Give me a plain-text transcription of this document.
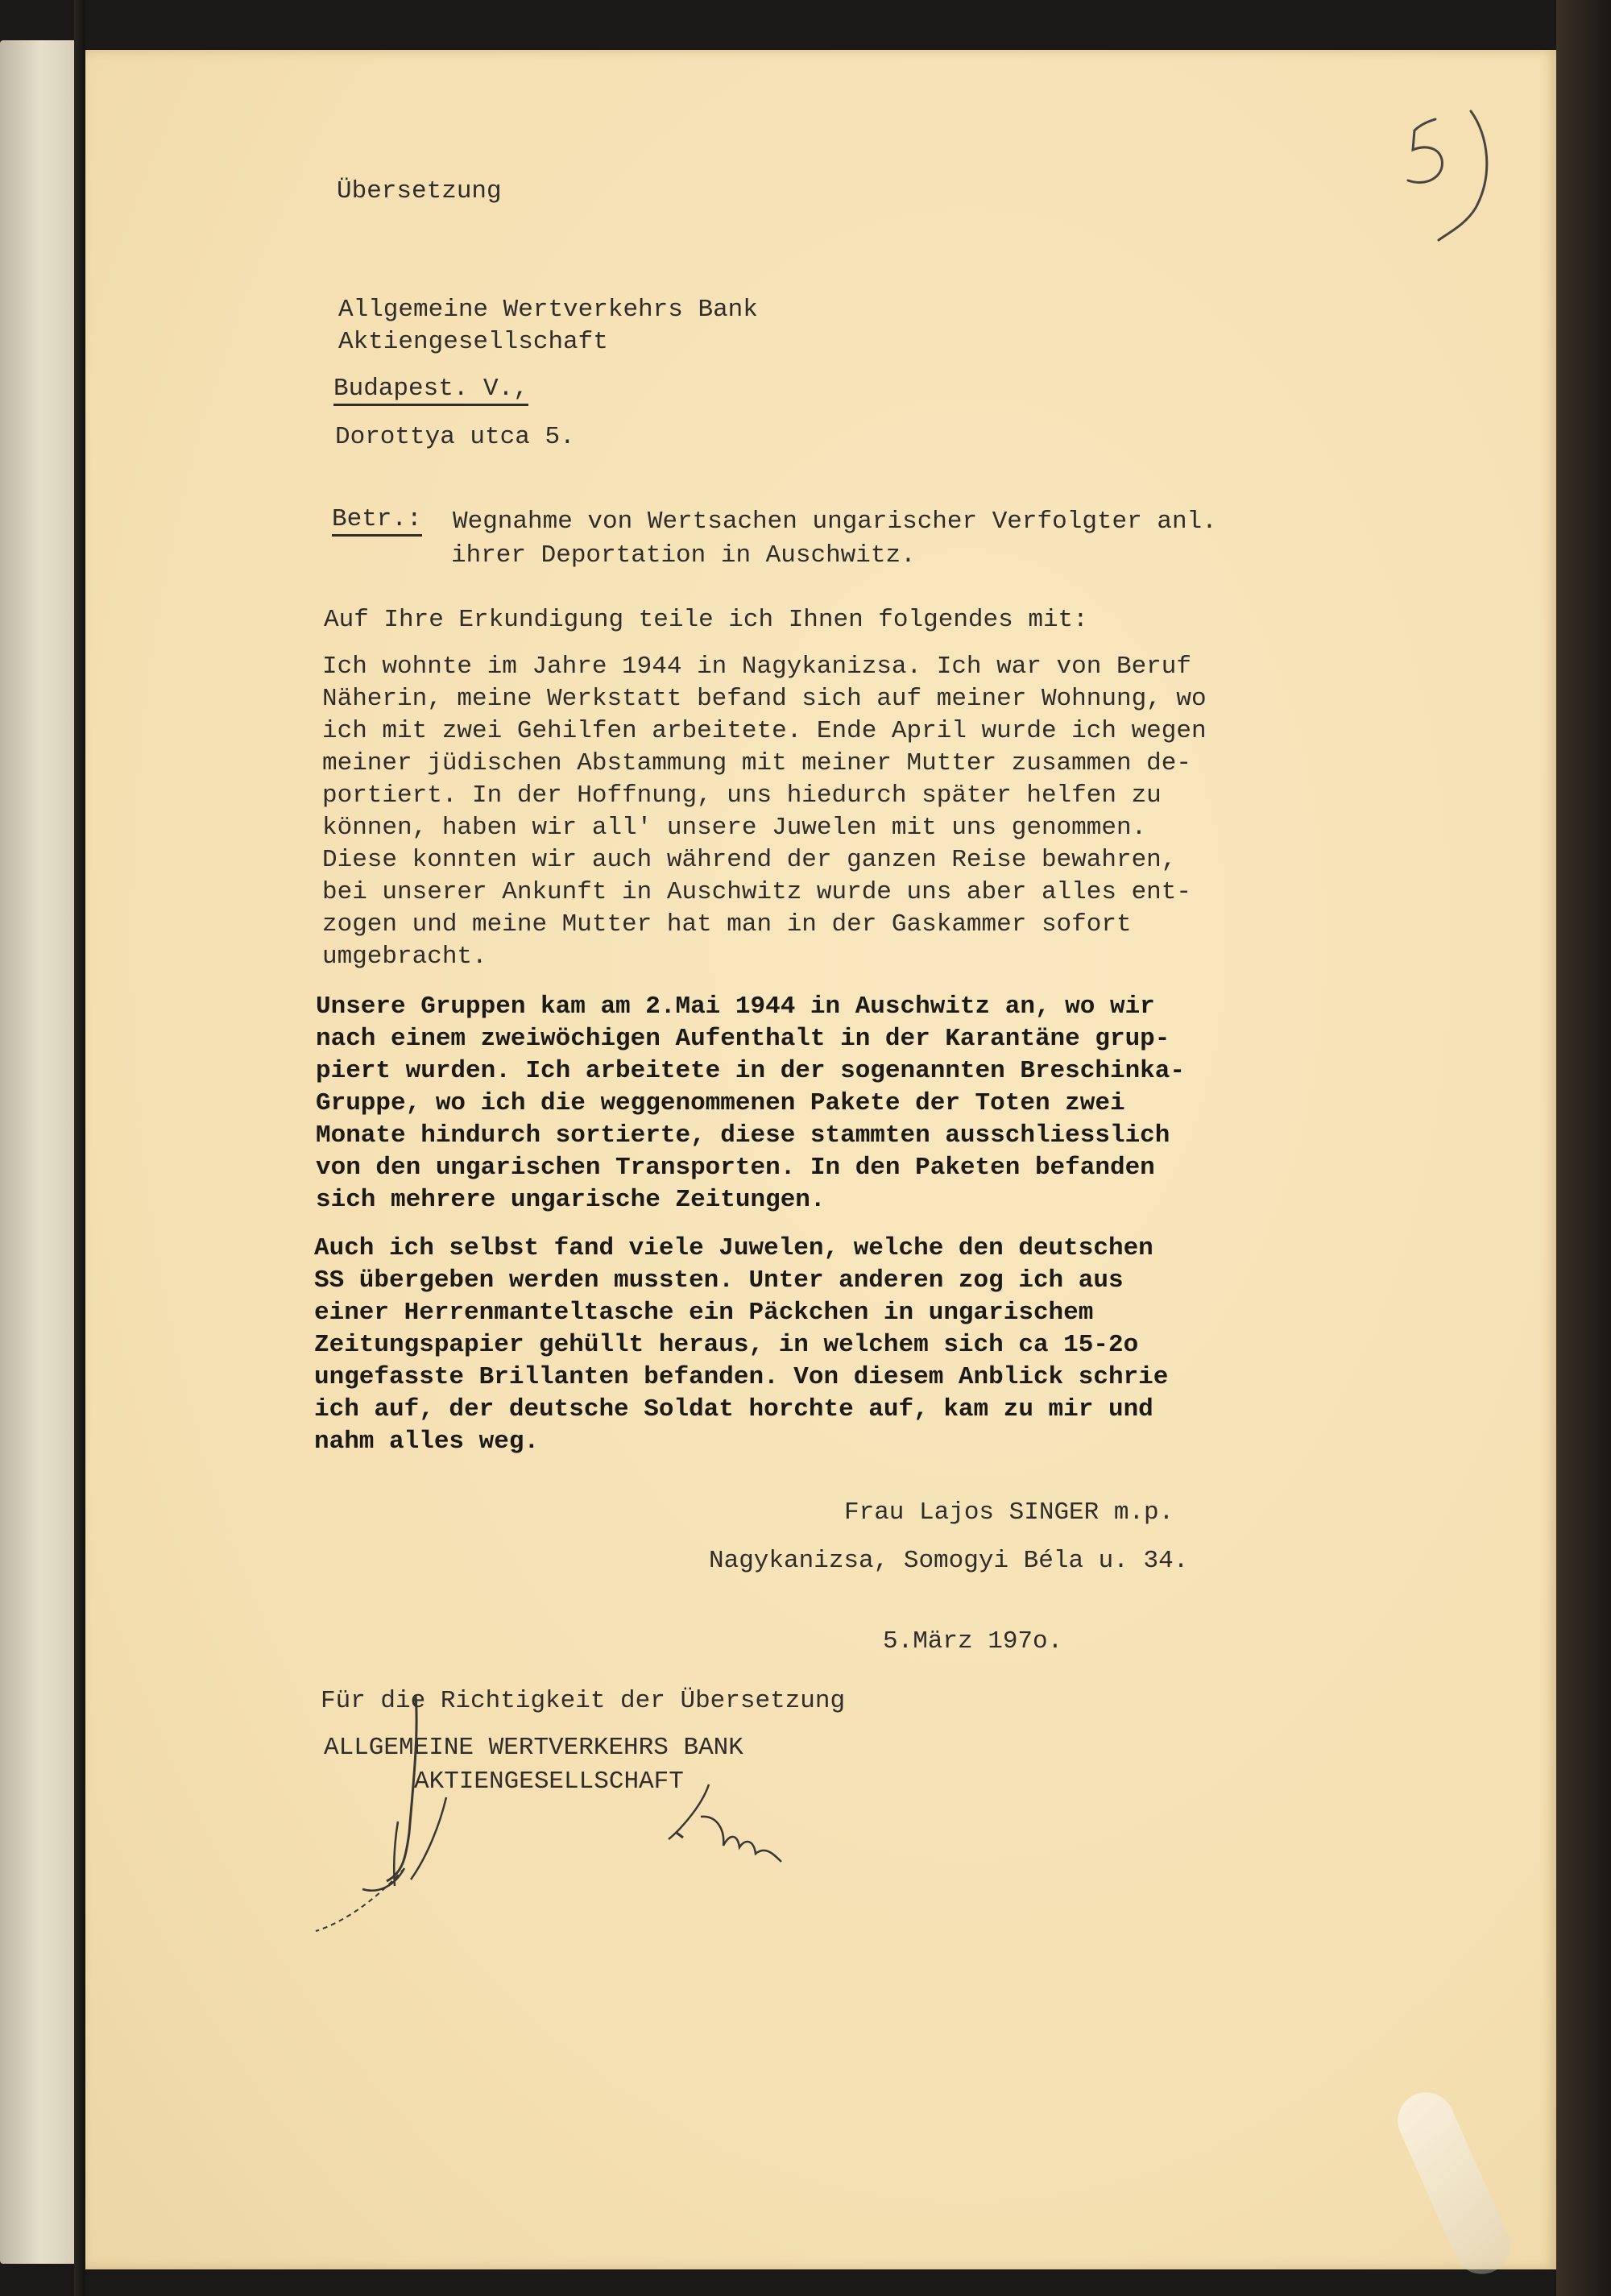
Übersetzung

5)

Allgemeine Wertverkehrs Bank

Aktiengesellschaft

Budapest. V.,

Dorottya utca 5.

Betr.: Wegnahme von Wertsachen ungarischer Verfolgter anl.

ihrer Deportation in Auschwitz.

Auf Ihre Erkundigung teile ich Ihnen folgendes mit:

Ich wohnte im Jahre 1944 in Nagykanizsa. Ich war von Beruf
Näherin, meine Werkstatt befand sich auf meiner Wohnung, wo
ich mit zwei Gehilfen arbeitete. Ende April wurde ich wegen
meiner jüdischen Abstammung mit meiner Mutter zusammen de-
portiert. In der Hoffnung, uns hiedurch später helfen zu
können, haben wir all' unsere Juwelen mit uns genommen.
Diese konnten wir auch während der ganzen Reise bewahren,
bei unserer Ankunft in Auschwitz wurde uns aber alles ent-
zogen und meine Mutter hat man in der Gaskammer sofort
umgebracht.
Unsere Gruppen kam am 2.Mai 1944 in Auschwitz an, wo wir
nach einem zweiwöchigen Aufenthalt in der Karantäne grup-
piert wurden. Ich arbeitete in der sogenannten Breschinka-
Gruppe, wo ich die weggenommenen Pakete der Toten zwei
Monate hindurch sortierte, diese stammten ausschliesslich
von den ungarischen Transporten. In den Paketen befanden
sich mehrere ungarische Zeitungen.
Auch ich selbst fand viele Juwelen, welche den deutschen
SS übergeben werden mussten. Unter anderen zog ich aus
einer Herrenmanteltasche ein Päckchen in ungarischem
Zeitungspapier gehüllt heraus, in welchem sich ca 15-2o
ungefasste Brillanten befanden. Von diesem Anblick schrie
ich auf, der deutsche Soldat horchte auf, kam zu mir und
nahm alles weg.

Frau Lajos SINGER m.p.

Nagykanizsa, Somogyi Béla u. 34.

5.März 197o.

Für die Richtigkeit der Übersetzung

ALLGEMEINE WERTVERKEHRS BANK

AKTIENGESELLSCHAFT
